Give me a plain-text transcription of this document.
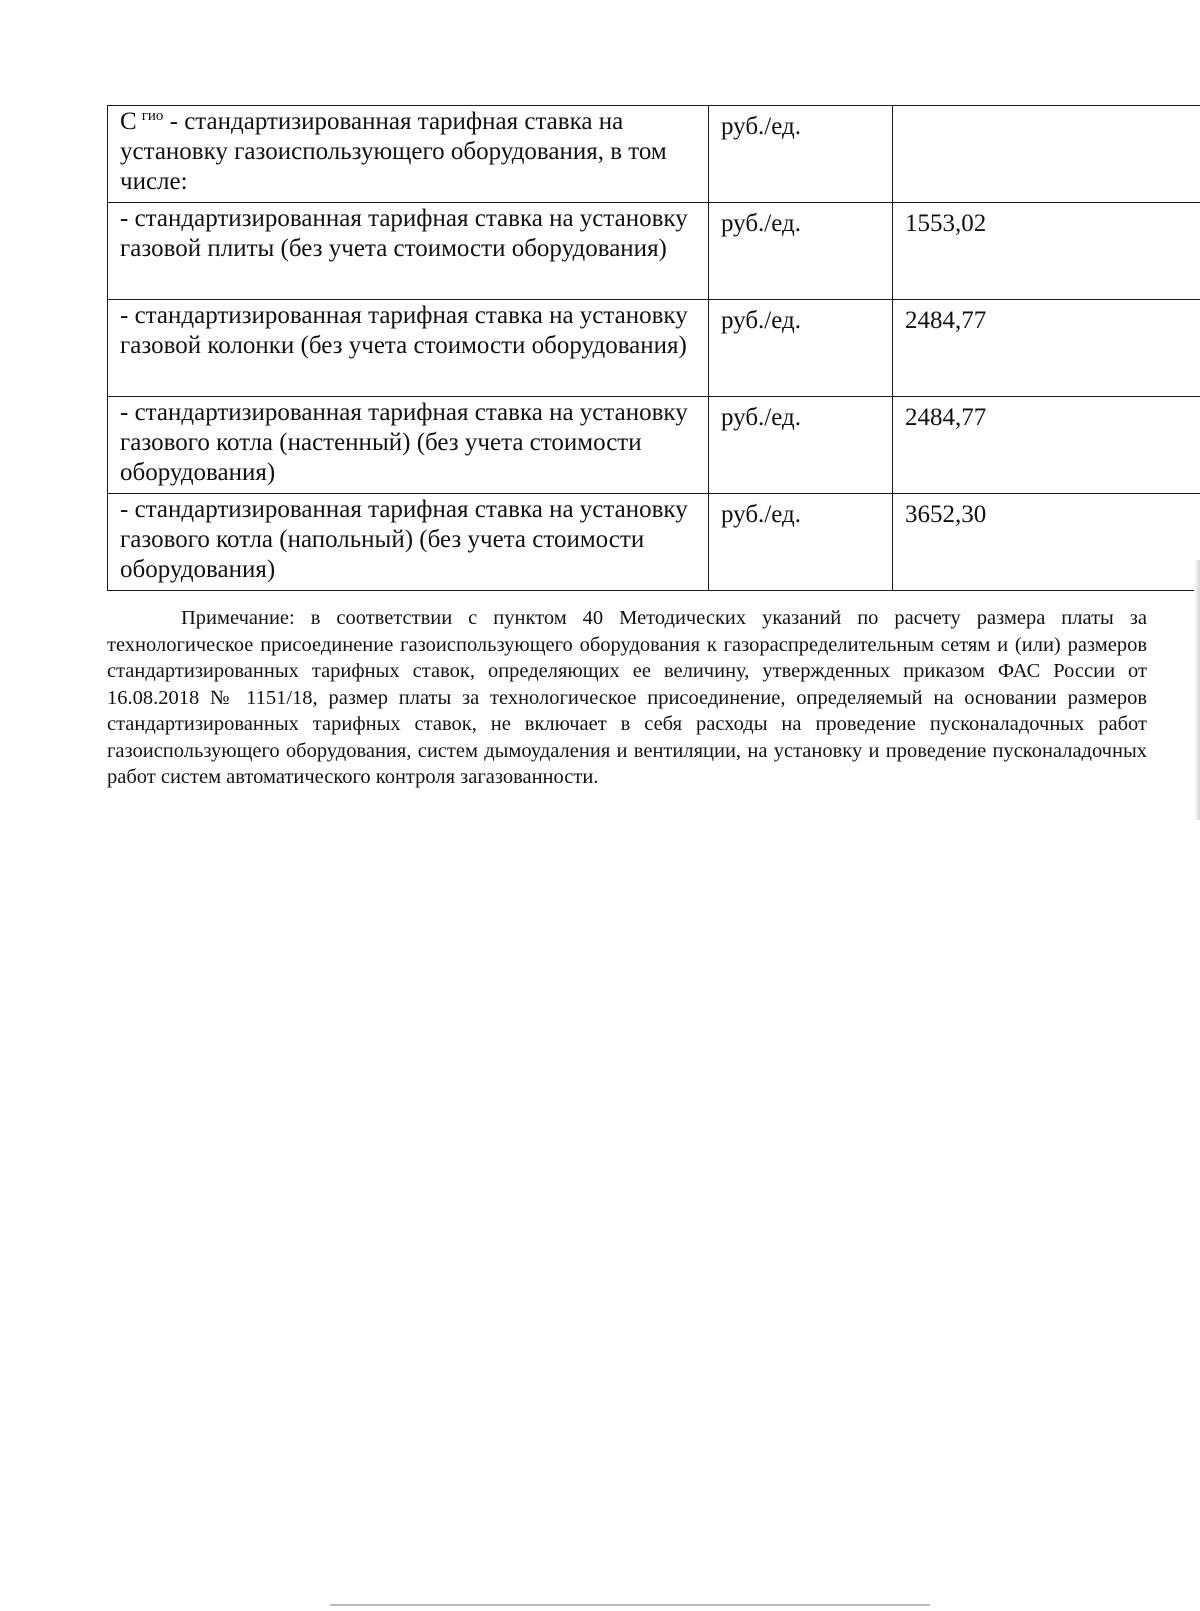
С $^{гио}$ - стандартизированная тарифная ставка на установку газоиспользующего оборудования, в том числе:	руб./ед.	
- стандартизированная тарифная ставка на установку газовой плиты (без учета стоимости оборудования)	руб./ед.	1553,02
- стандартизированная тарифная ставка на установку газовой колонки (без учета стоимости оборудования)	руб./ед.	2484,77
- стандартизированная тарифная ставка на установку газового котла (настенный) (без учета стоимости оборудования)	руб./ед.	2484,77
- стандартизированная тарифная ставка на установку газового котла (напольный) (без учета стоимости оборудования)	руб./ед.	3652,30

Примечание: в соответствии с пунктом 40 Методических указаний по расчету размера платы за технологическое присоединение газоиспользующего оборудования к газораспределительным сетям и (или) размеров стандартизированных тарифных ставок, определяющих ее величину, утвержденных приказом ФАС России от 16.08.2018 № 1151/18, размер платы за технологическое присоединение, определяемый на основании размеров стандартизированных тарифных ставок, не включает в себя расходы на проведение пусконаладочных работ газоиспользующего оборудования, систем дымоудаления и вентиляции, на установку и проведение пусконаладочных работ систем автоматического контроля загазованности.
